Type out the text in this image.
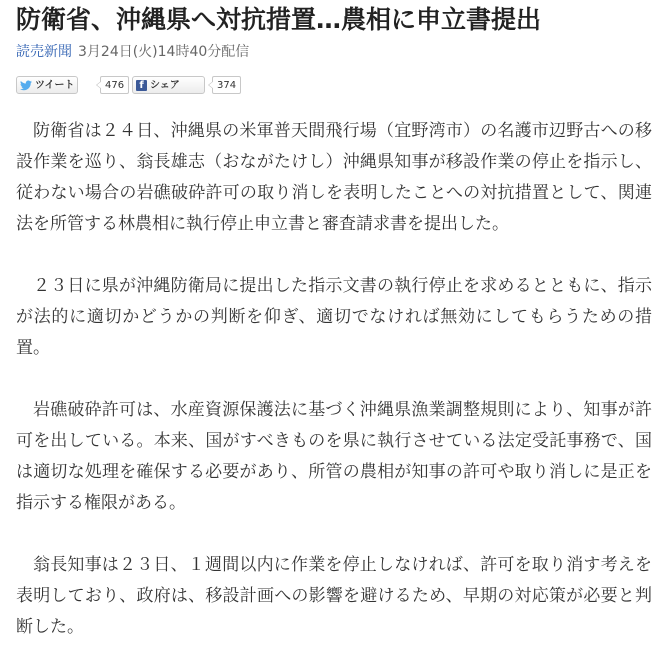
防衛省、沖縄県へ対抗措置…農相に申立書提出
読売新聞 3月24日(火)14時40分配信
ツイート	476	f シェア	374

防衛省は２４日、沖縄県の米軍普天間飛行場（宜野湾市）の名護市辺野古への移設作業を巡り、翁長雄志（おながたけし）沖縄県知事が移設作業の停止を指示し、従わない場合の岩礁破砕許可の取り消しを表明したことへの対抗措置として、関連法を所管する林農相に執行停止申立書と審査請求書を提出した。

２３日に県が沖縄防衛局に提出した指示文書の執行停止を求めるとともに、指示が法的に適切かどうかの判断を仰ぎ、適切でなければ無効にしてもらうための措置。

岩礁破砕許可は、水産資源保護法に基づく沖縄県漁業調整規則により、知事が許可を出している。本来、国がすべきものを県に執行させている法定受託事務で、国は適切な処理を確保する必要があり、所管の農相が知事の許可や取り消しに是正を指示する権限がある。

翁長知事は２３日、１週間以内に作業を停止しなければ、許可を取り消す考えを表明しており、政府は、移設計画への影響を避けるため、早期の対応策が必要と判断した。
